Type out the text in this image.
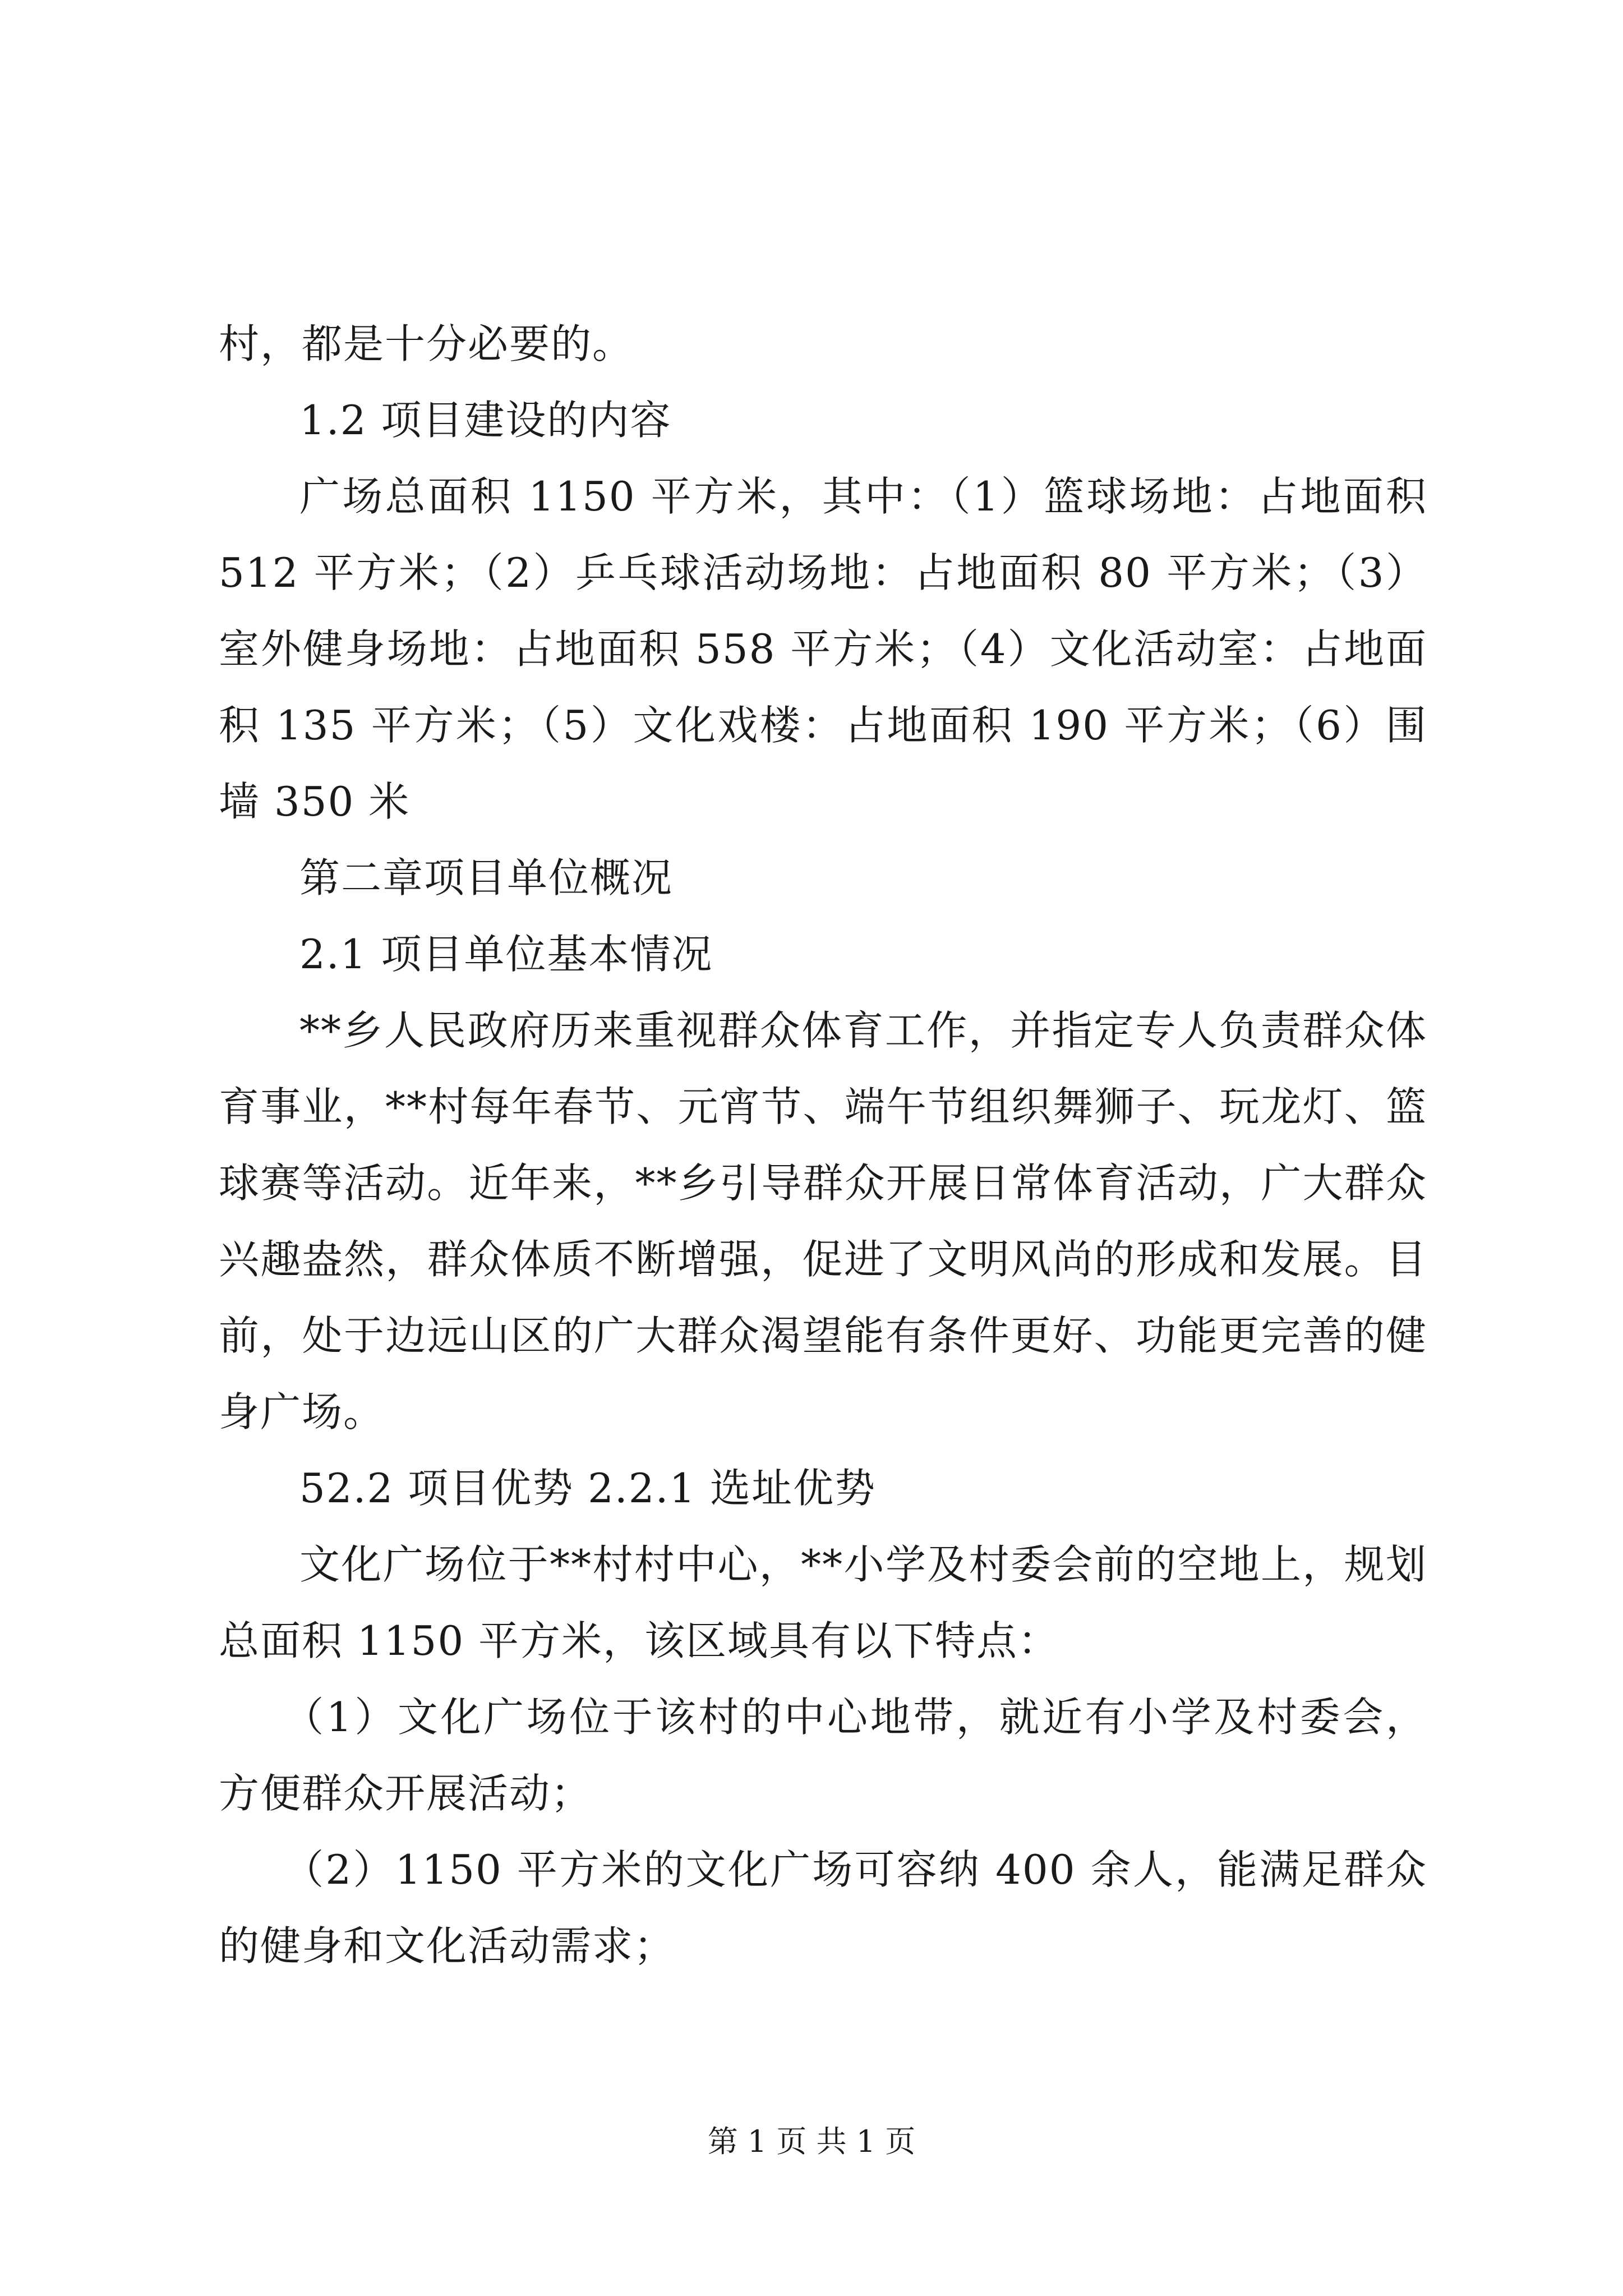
村，都是十分必要的。

1.2 项目建设的内容

广场总面积 1150 平方米，其中：（1）篮球场地：占地面积 512 平方米；（2）乒乓球活动场地：占地面积 80 平方米；（3）室外健身场地：占地面积 558 平方米；（4）文化活动室：占地面积 135 平方米；（5）文化戏楼：占地面积 190 平方米；（6）围墙 350 米

第二章项目单位概况

2.1 项目单位基本情况

**乡人民政府历来重视群众体育工作，并指定专人负责群众体育事业，**村每年春节、元宵节、端午节组织舞狮子、玩龙灯、篮球赛等活动。近年来，**乡引导群众开展日常体育活动，广大群众兴趣盎然，群众体质不断增强，促进了文明风尚的形成和发展。目前，处于边远山区的广大群众渴望能有条件更好、功能更完善的健身广场。

52.2 项目优势 2.2.1 选址优势

文化广场位于**村村中心，**小学及村委会前的空地上，规划总面积 1150 平方米，该区域具有以下特点：

（1）文化广场位于该村的中心地带，就近有小学及村委会，方便群众开展活动；

（2）1150 平方米的文化广场可容纳 400 余人，能满足群众的健身和文化活动需求；

第 1 页 共 1 页
